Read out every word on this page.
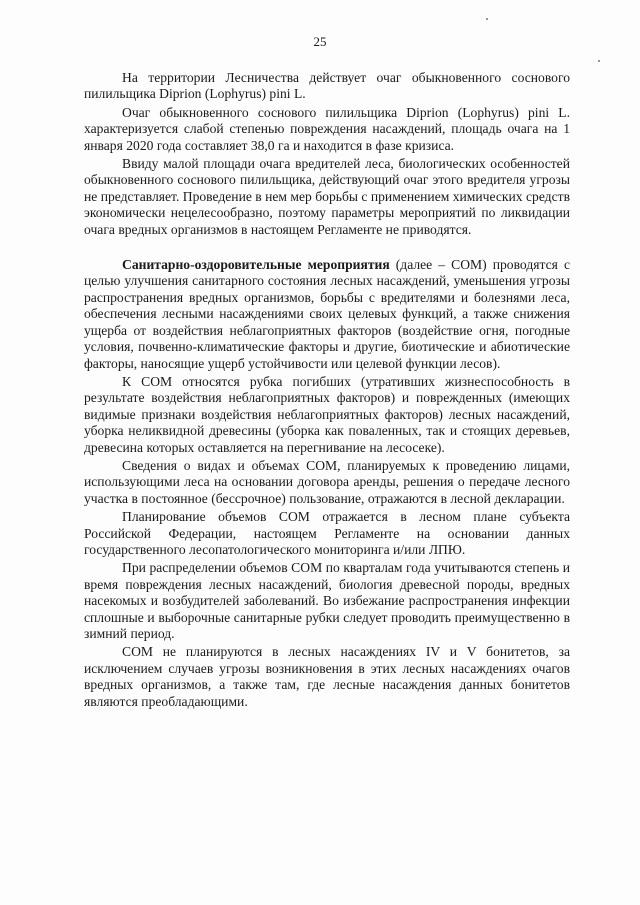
25

На территории Лесничества действует очаг обыкновенного соснового пилильщика Diprion (Lophyrus) pini L.

Очаг обыкновенного соснового пилильщика Diprion (Lophyrus) pini L. характеризуется слабой степенью повреждения насаждений, площадь очага на 1 января 2020 года составляет 38,0 га и находится в фазе кризиса.

Ввиду малой площади очага вредителей леса, биологических особенностей обыкновенного соснового пилильщика, действующий очаг этого вредителя угрозы не представляет. Проведение в нем мер борьбы с применением химических средств экономически нецелесообразно, поэтому параметры мероприятий по ликвидации очага вредных организмов в настоящем Регламенте не приводятся.

Санитарно-оздоровительные мероприятия (далее – СОМ) проводятся с целью улучшения санитарного состояния лесных насаждений, уменьшения угрозы распространения вредных организмов, борьбы с вредителями и болезнями леса, обеспечения лесными насаждениями своих целевых функций, а также снижения ущерба от воздействия неблагоприятных факторов (воздействие огня, погодные условия, почвенно-климатические факторы и другие, биотические и абиотические факторы, наносящие ущерб устойчивости или целевой функции лесов).

К СОМ относятся рубка погибших (утративших жизнеспособность в результате воздействия неблагоприятных факторов) и поврежденных (имеющих видимые признаки воздействия неблагоприятных факторов) лесных насаждений, уборка неликвидной древесины (уборка как поваленных, так и стоящих деревьев, древесина которых оставляется на перегнивание на лесосеке).

Сведения о видах и объемах СОМ, планируемых к проведению лицами, использующими леса на основании договора аренды, решения о передаче лесного участка в постоянное (бессрочное) пользование, отражаются в лесной декларации.

Планирование объемов СОМ отражается в лесном плане субъекта Российской Федерации, настоящем Регламенте на основании данных государственного лесопатологического мониторинга и/или ЛПЮ.

При распределении объемов СОМ по кварталам года учитываются степень и время повреждения лесных насаждений, биология древесной породы, вредных насекомых и возбудителей заболеваний. Во избежание распространения инфекции сплошные и выборочные санитарные рубки следует проводить преимущественно в зимний период.

СОМ не планируются в лесных насаждениях IV и V бонитетов, за исключением случаев угрозы возникновения в этих лесных насаждениях очагов вредных организмов, а также там, где лесные насаждения данных бонитетов являются преобладающими.
